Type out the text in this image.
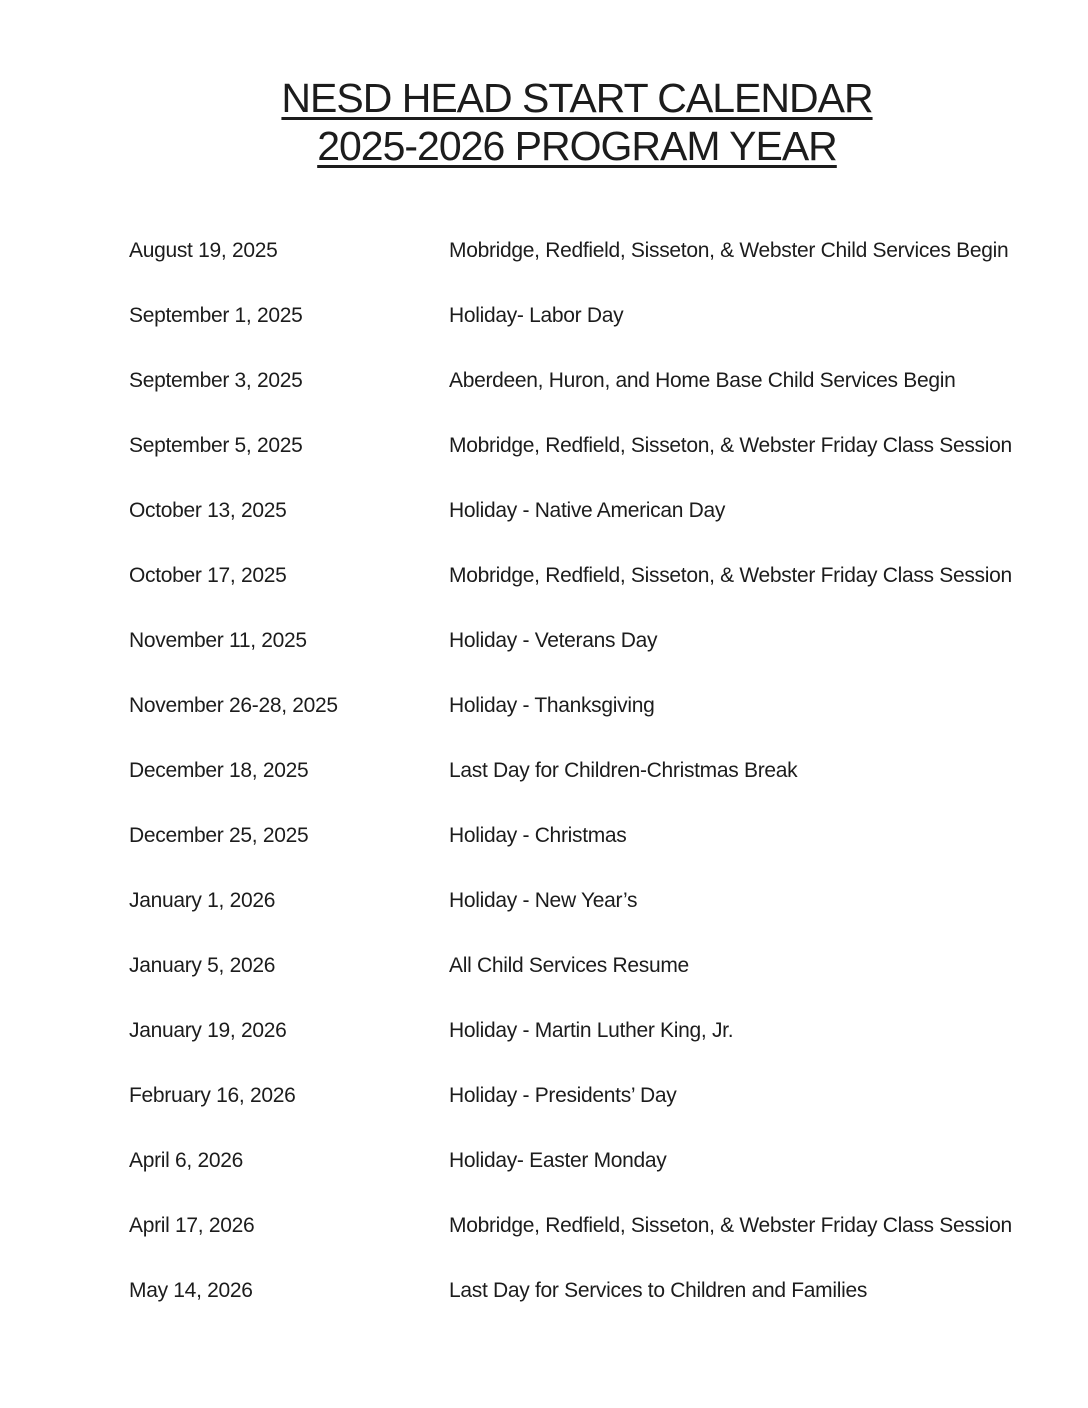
NESD HEAD START CALENDAR
2025-2026 PROGRAM YEAR
August 19, 2025	Mobridge, Redfield, Sisseton, & Webster Child Services Begin
September 1, 2025	Holiday- Labor Day
September 3, 2025	Aberdeen, Huron, and Home Base Child Services Begin
September 5, 2025	Mobridge, Redfield, Sisseton, & Webster Friday Class Session
October 13, 2025	Holiday - Native American Day
October 17, 2025	Mobridge, Redfield, Sisseton, & Webster Friday Class Session
November 11, 2025	Holiday - Veterans Day
November 26-28, 2025	Holiday - Thanksgiving
December 18, 2025	Last Day for Children-Christmas Break
December 25, 2025	Holiday - Christmas
January 1, 2026	Holiday - New Year’s
January 5, 2026	All Child Services Resume
January 19, 2026	Holiday - Martin Luther King, Jr.
February 16, 2026	Holiday - Presidents’ Day
April 6, 2026	Holiday- Easter Monday
April 17, 2026	Mobridge, Redfield, Sisseton, & Webster Friday Class Session
May 14, 2026	Last Day for Services to Children and Families
